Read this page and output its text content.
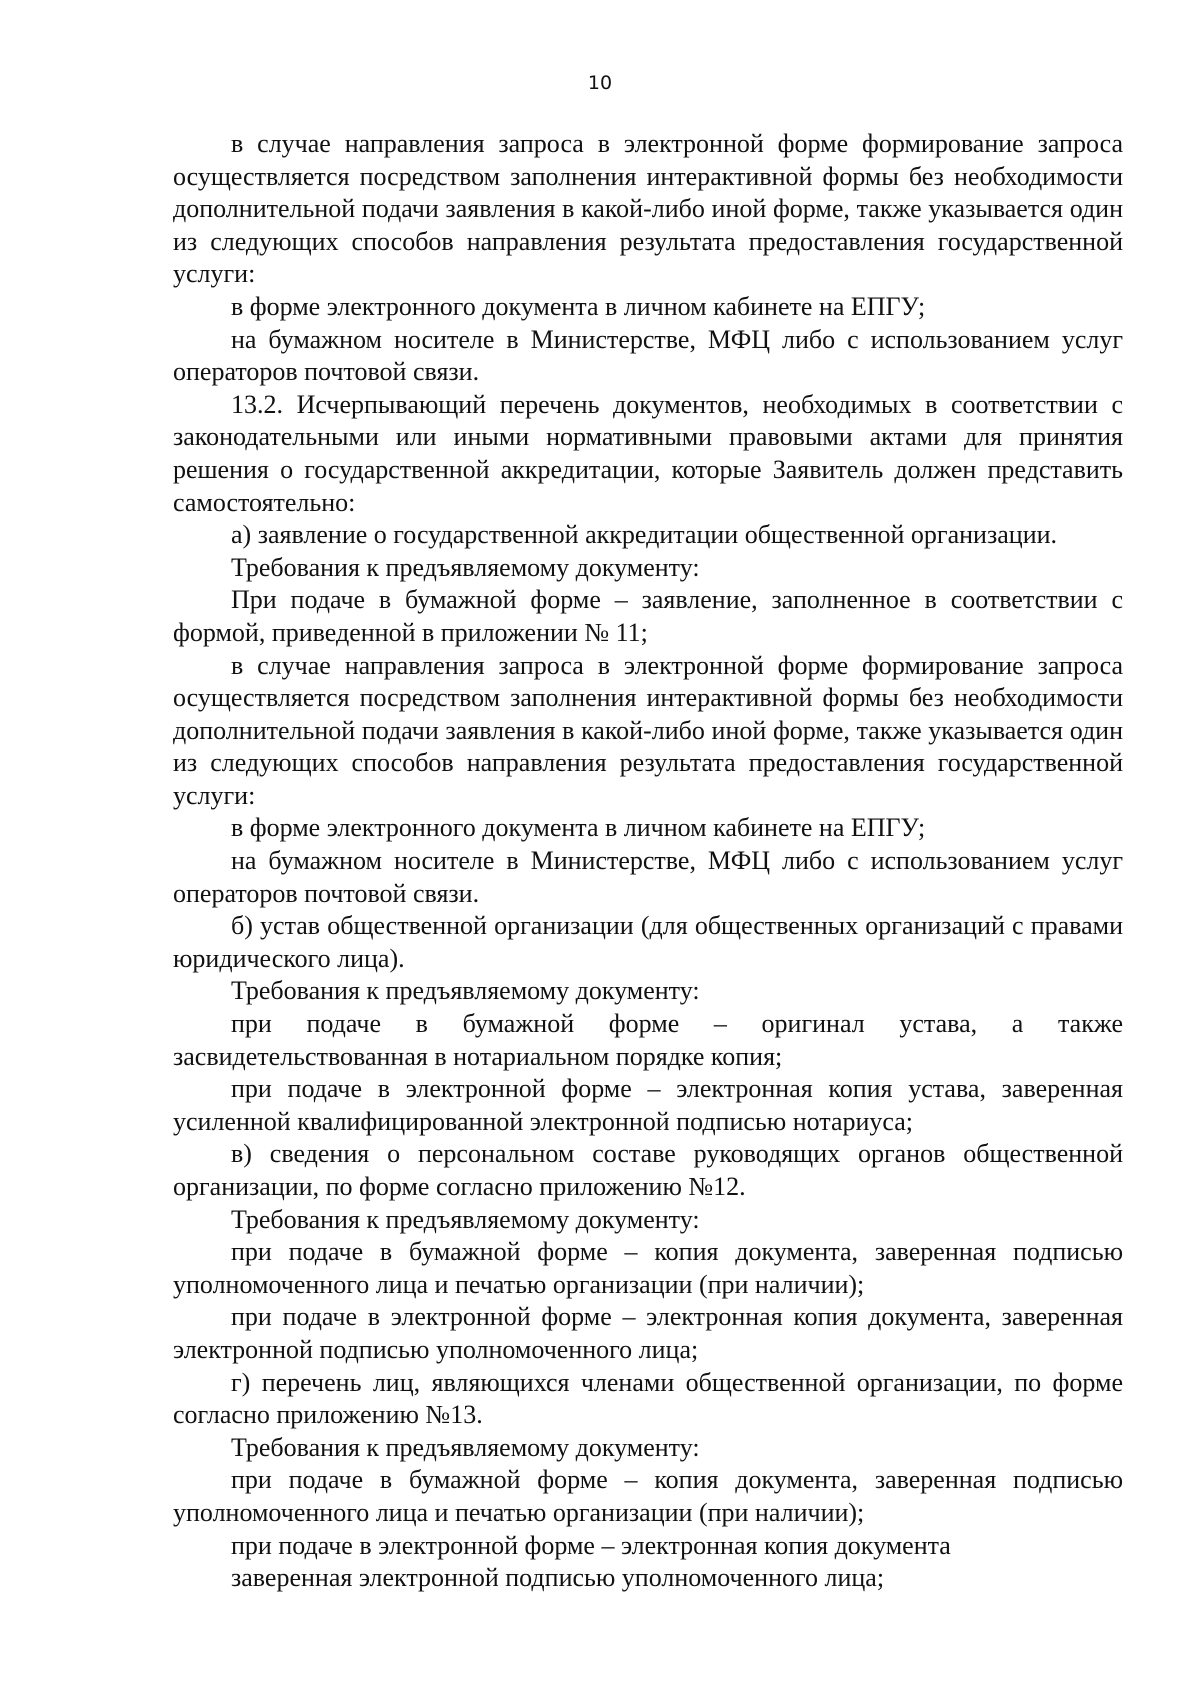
10

в случае направления запроса в электронной форме формирование запроса осуществляется посредством заполнения интерактивной формы без необходимости дополнительной подачи заявления в какой-либо иной форме, также указывается один из следующих способов направления результата предоставления государственной услуги:

в форме электронного документа в личном кабинете на ЕПГУ;

на бумажном носителе в Министерстве, МФЦ либо с использованием услуг операторов почтовой связи.

13.2. Исчерпывающий перечень документов, необходимых в соответствии с законодательными или иными нормативными правовыми актами для принятия решения о государственной аккредитации, которые Заявитель должен представить самостоятельно:

а) заявление о государственной аккредитации общественной организации.

Требования к предъявляемому документу:

При подаче в бумажной форме – заявление, заполненное в соответствии с формой, приведенной в приложении № 11;

в случае направления запроса в электронной форме формирование запроса осуществляется посредством заполнения интерактивной формы без необходимости дополнительной подачи заявления в какой-либо иной форме, также указывается один из следующих способов направления результата предоставления государственной услуги:

в форме электронного документа в личном кабинете на ЕПГУ;

на бумажном носителе в Министерстве, МФЦ либо с использованием услуг операторов почтовой связи.

б) устав общественной организации (для общественных организаций с правами юридического лица).

Требования к предъявляемому документу:

при подаче в бумажной форме – оригинал устава, а также засвидетельствованная в нотариальном порядке копия;

при подаче в электронной форме – электронная копия устава, заверенная усиленной квалифицированной электронной подписью нотариуса;

в) сведения о персональном составе руководящих органов общественной организации, по форме согласно приложению №12.

Требования к предъявляемому документу:

при подаче в бумажной форме – копия документа, заверенная подписью уполномоченного лица и печатью организации (при наличии);

при подаче в электронной форме – электронная копия документа, заверенная электронной подписью уполномоченного лица;

г) перечень лиц, являющихся членами общественной организации, по форме согласно приложению №13.

Требования к предъявляемому документу:

при подаче в бумажной форме – копия документа, заверенная подписью уполномоченного лица и печатью организации (при наличии);

при подаче в электронной форме – электронная копия документа

заверенная электронной подписью уполномоченного лица;
